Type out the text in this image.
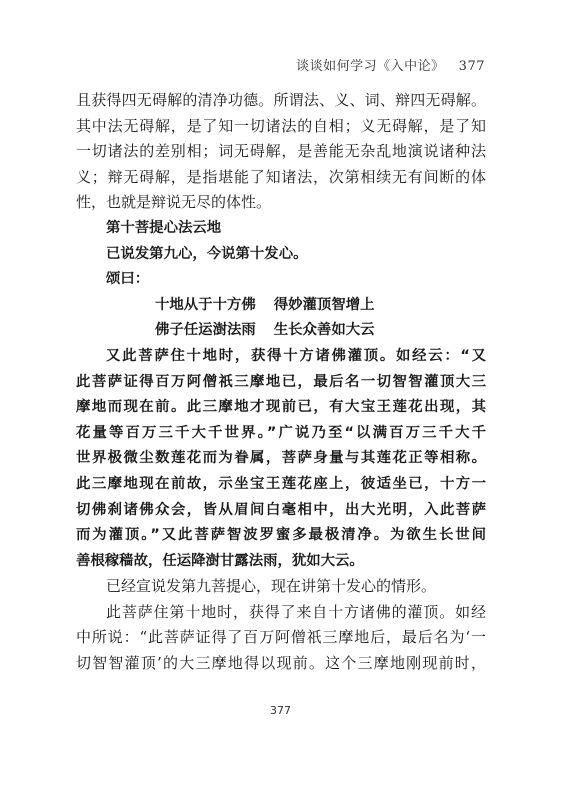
谈谈如何学习《入中论》 377
且获得四无碍解的清净功德。所谓法、义、词、辩四无碍解。
其中法无碍解，是了知一切诸法的自相；义无碍解，是了知
一切诸法的差别相；词无碍解，是善能无杂乱地演说诸种法
义；辩无碍解，是指堪能了知诸法，次第相续无有间断的体
性，也就是辩说无尽的体性。
第十菩提心法云地
已说发第九心，今说第十发心。
颂曰：
十地从于十方佛 得妙灌顶智增上
佛子任运澍法雨 生长众善如大云
又此菩萨住十地时，获得十方诸佛灌顶。如经云：“又
此菩萨证得百万阿僧祇三摩地已，最后名一切智智灌顶大三
摩地而现在前。此三摩地才现前已，有大宝王莲花出现，其
花量等百万三千大千世界。”广说乃至“以满百万三千大千
世界极微尘数莲花而为眷属，菩萨身量与其莲花正等相称。
此三摩地现在前故，示坐宝王莲花座上，彼适坐已，十方一
切佛刹诸佛众会，皆从眉间白毫相中，出大光明，入此菩萨
而为灌顶。”又此菩萨智波罗蜜多最极清净。为欲生长世间
善根稼穑故，任运降澍甘露法雨，犹如大云。
已经宣说发第九菩提心，现在讲第十发心的情形。
此菩萨住第十地时，获得了来自十方诸佛的灌顶。如经
中所说：“此菩萨证得了百万阿僧祇三摩地后，最后名为‘一
切智智灌顶’的大三摩地得以现前。这个三摩地刚现前时，
377
